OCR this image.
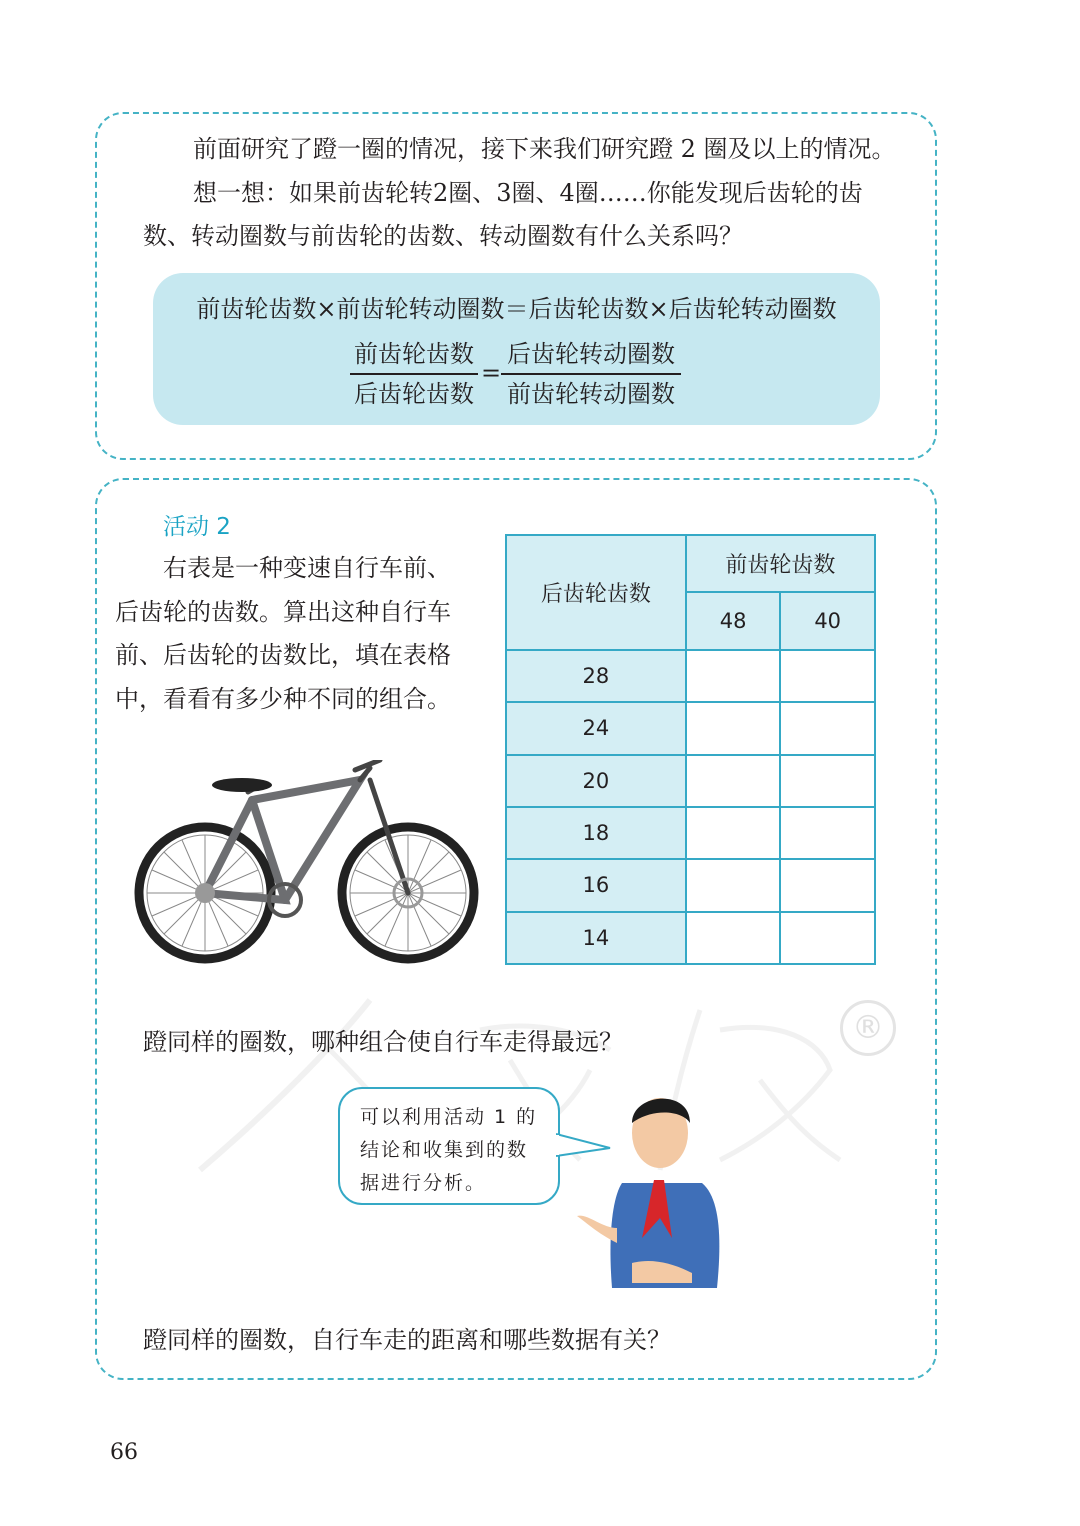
®

前面研究了蹬一圈的情况，接下来我们研究蹬 2 圈及以上的情况。

想一想：如果前齿轮转2圈、3圈、4圈……你能发现后齿轮的齿

数、转动圈数与前齿轮的齿数、转动圈数有什么关系吗？

前齿轮齿数×前齿轮转动圈数＝后齿轮齿数×后齿轮转动圈数
前齿轮齿数
后齿轮齿数
=
后齿轮转动圈数
前齿轮转动圈数
活动 2
右表是一种变速自行车前、
后齿轮的齿数。算出这种自行车
前、后齿轮的齿数比，填在表格
中，看看有多少种不同的组合。
后齿轮齿数	前齿轮齿数	
	48	40
28		
24		
20		
18		
16		
14		
蹬同样的圈数，哪种组合使自行车走得最远？
可以利用活动 1 的
结论和收集到的数
据进行分析。
蹬同样的圈数，自行车走的距离和哪些数据有关？
66
